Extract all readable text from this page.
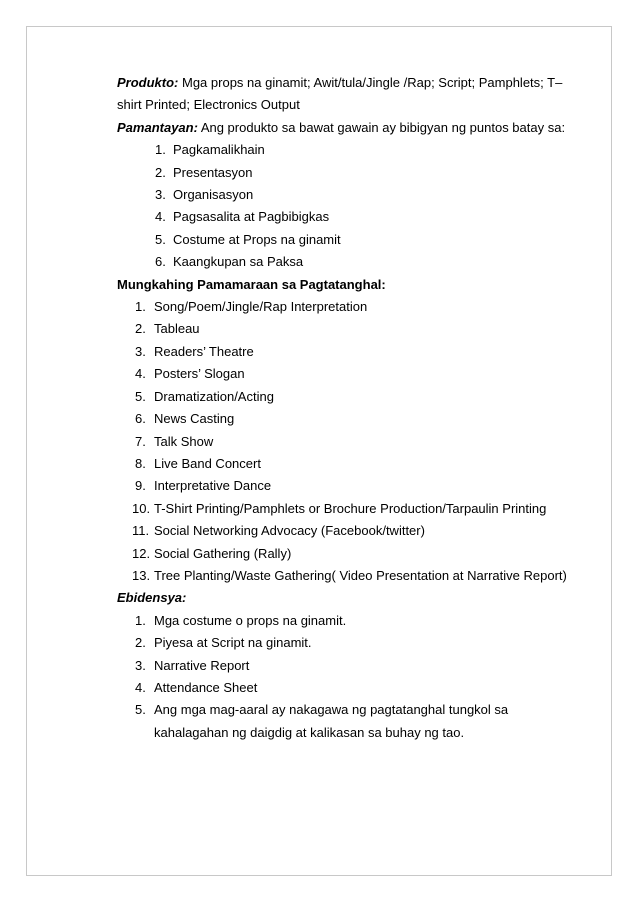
Produkto: Mga props na ginamit; Awit/tula/Jingle /Rap; Script; Pamphlets; T–shirt Printed; Electronics Output

Pamantayan: Ang produkto sa bawat gawain ay bibigyan ng puntos batay sa:

1. Pagkamalikhain
2. Presentasyon
3. Organisasyon
4. Pagsasalita at Pagbibigkas
5. Costume at Props na ginamit
6. Kaangkupan sa Paksa

Mungkahing Pamamaraan sa Pagtatanghal:

1. Song/Poem/Jingle/Rap Interpretation
2. Tableau
3. Readers’ Theatre
4. Posters’ Slogan
5. Dramatization/Acting
6. News Casting
7. Talk Show
8. Live Band Concert
9. Interpretative Dance
10. T-Shirt Printing/Pamphlets or Brochure Production/Tarpaulin Printing
11. Social Networking Advocacy (Facebook/twitter)
12. Social Gathering (Rally)
13. Tree Planting/Waste Gathering( Video Presentation at Narrative Report)

Ebidensya:

1. Mga costume o props na ginamit.
2. Piyesa at Script na ginamit.
3. Narrative Report
4. Attendance Sheet
5. Ang mga mag-aaral ay nakagawa ng pagtatanghal tungkol sa kahalagahan ng daigdig at kalikasan sa buhay ng tao.
